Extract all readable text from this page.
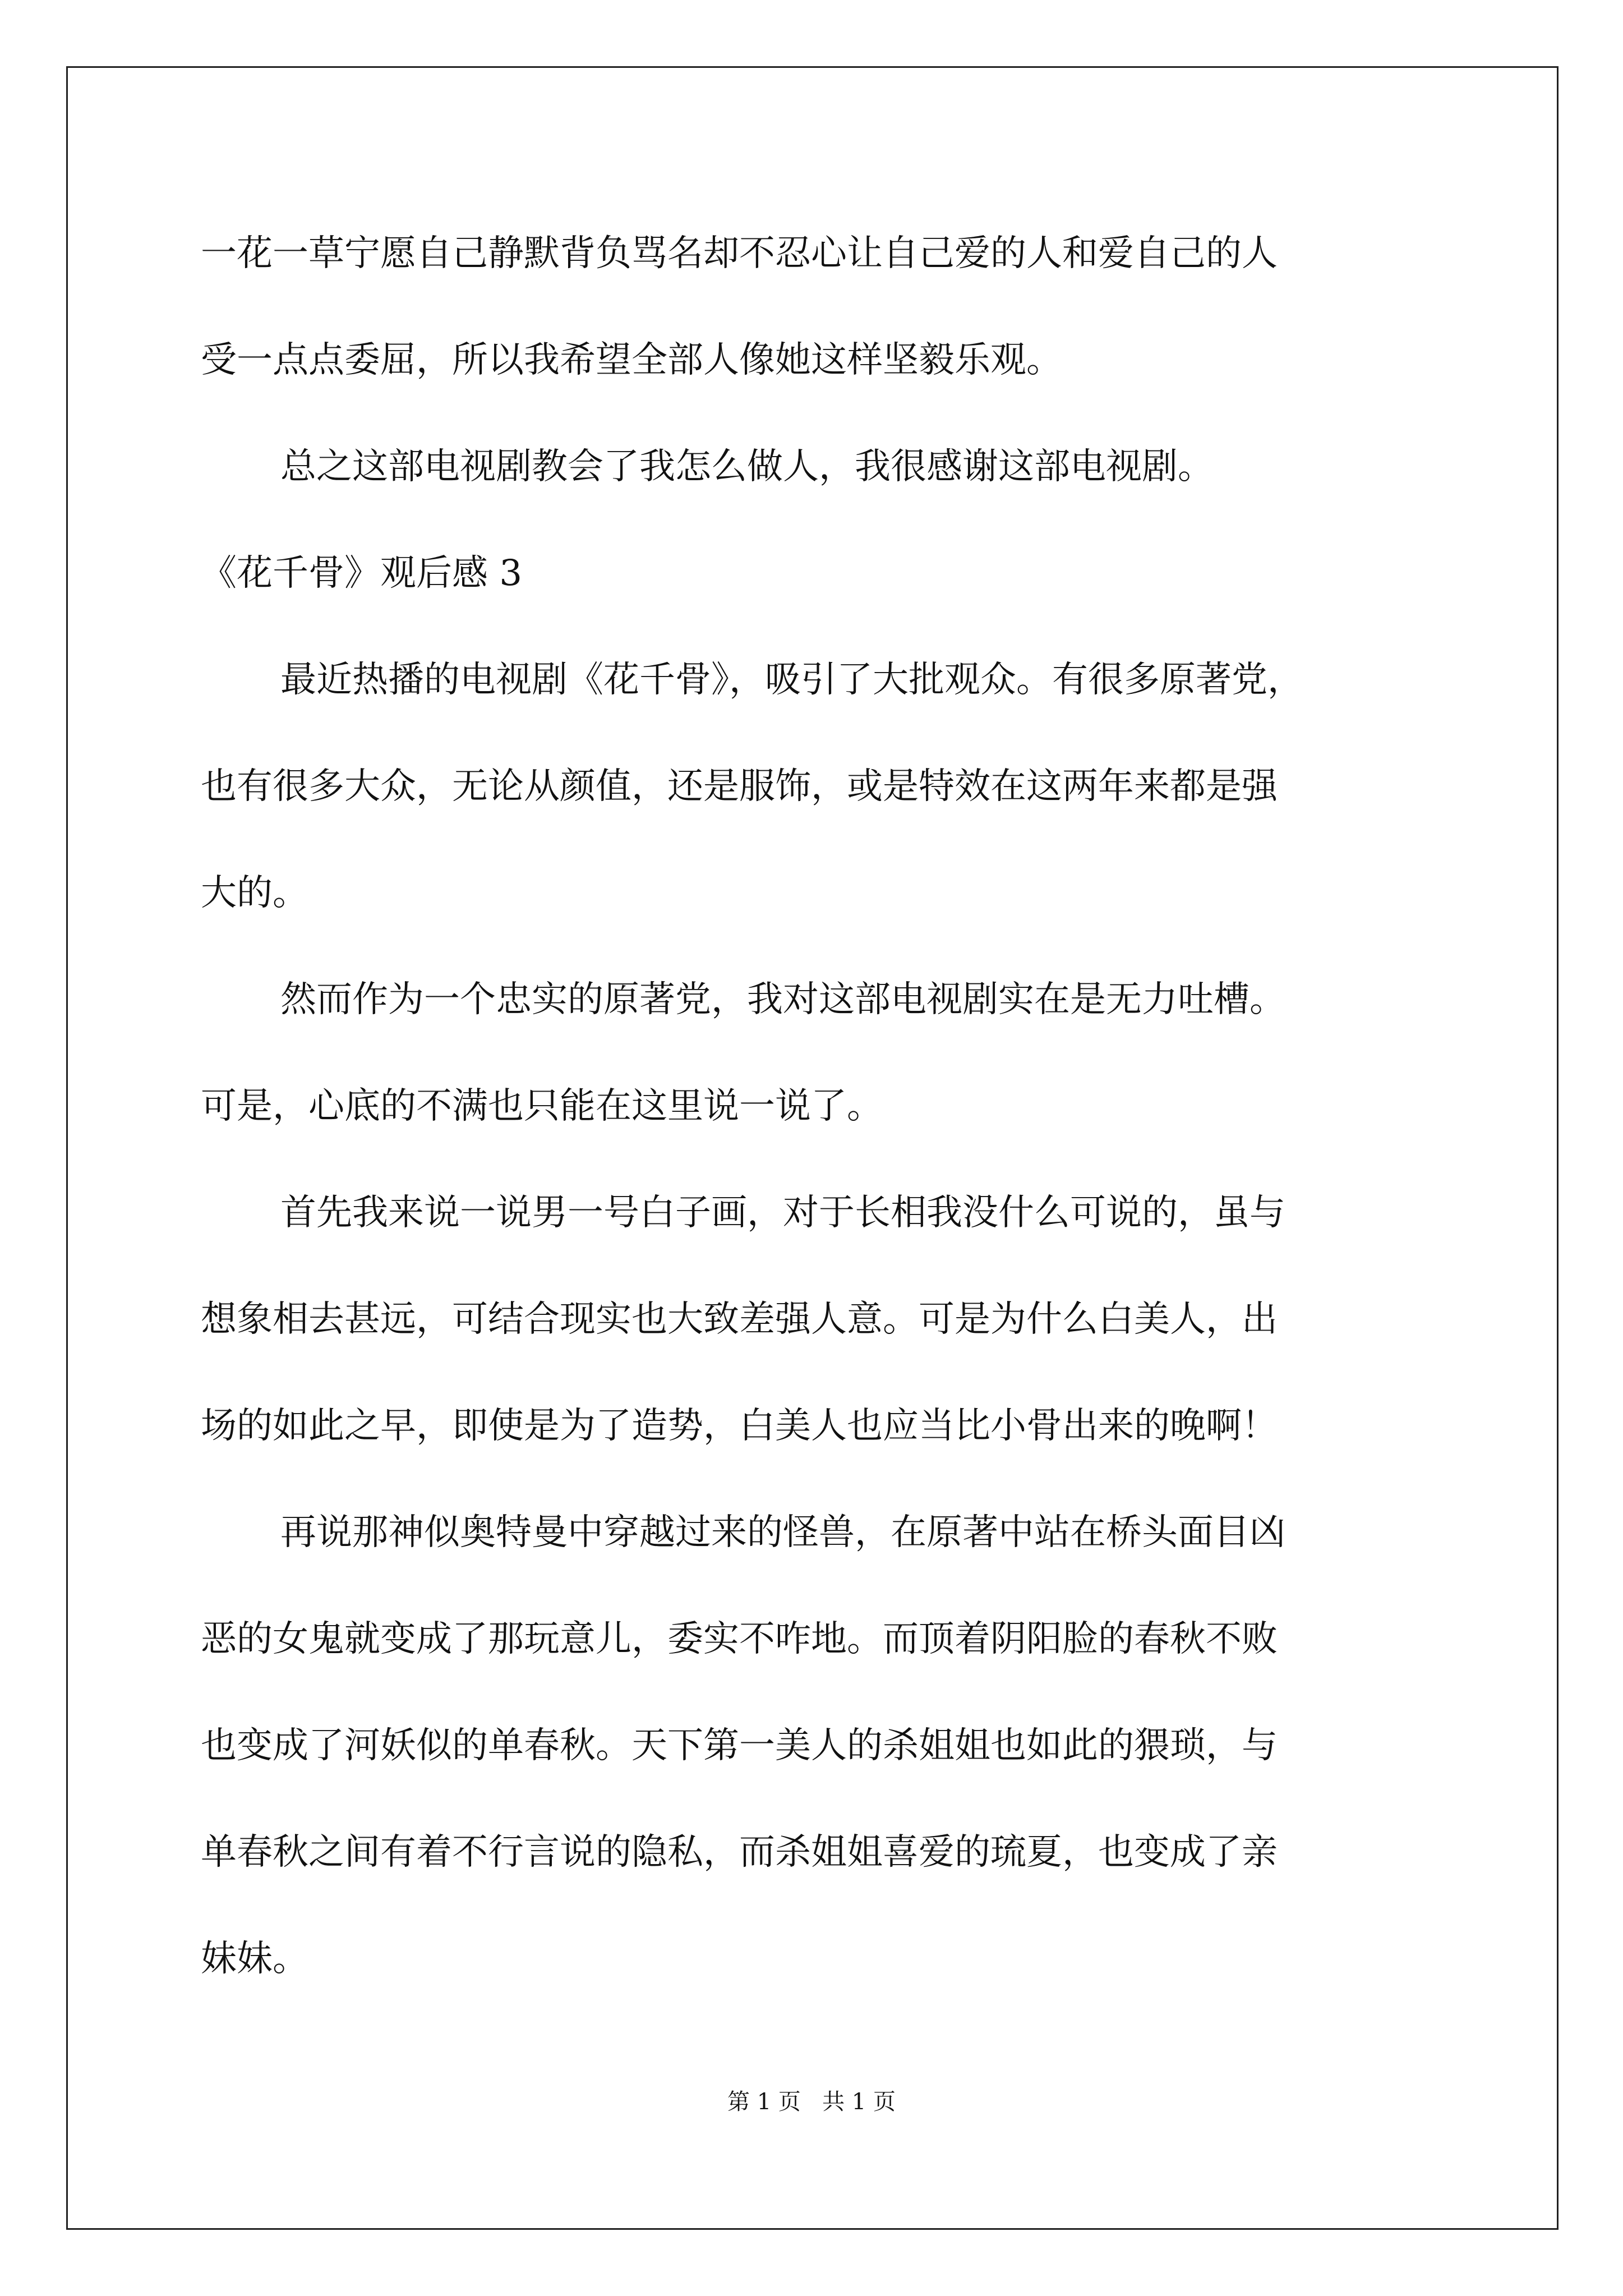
一花一草宁愿自己静默背负骂名却不忍心让自己爱的人和爱自己的人
受一点点委屈，所以我希望全部人像她这样坚毅乐观。
总之这部电视剧教会了我怎么做人，我很感谢这部电视剧。
《花千骨》观后感 3
最近热播的电视剧《花千骨》，吸引了大批观众。有很多原著党，
也有很多大众，无论从颜值，还是服饰，或是特效在这两年来都是强
大的。
然而作为一个忠实的原著党，我对这部电视剧实在是无力吐槽。
可是，心底的不满也只能在这里说一说了。
首先我来说一说男一号白子画，对于长相我没什么可说的，虽与
想象相去甚远，可结合现实也大致差强人意。可是为什么白美人，出
场的如此之早，即使是为了造势，白美人也应当比小骨出来的晚啊！
再说那神似奥特曼中穿越过来的怪兽，在原著中站在桥头面目凶
恶的女鬼就变成了那玩意儿，委实不咋地。而顶着阴阳脸的春秋不败
也变成了河妖似的单春秋。天下第一美人的杀姐姐也如此的猥琐，与
单春秋之间有着不行言说的隐私，而杀姐姐喜爱的琉夏，也变成了亲
妹妹。
第 1 页   共 1 页
